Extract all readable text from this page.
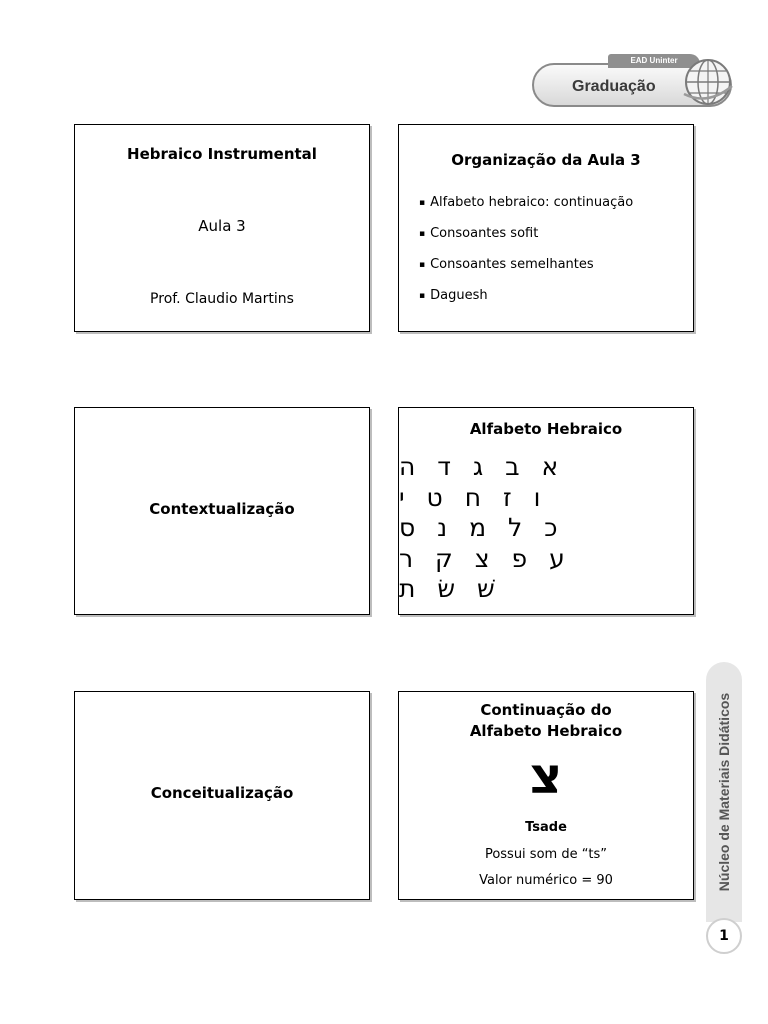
EAD Uninter
Graduação
Hebraico Instrumental
Aula 3
Prof. Claudio Martins
Organização da Aula 3
▪ Alfabeto hebraico: continuação
▪ Consoantes sofit
▪ Consoantes semelhantes
▪ Daguesh
Contextualização
Alfabeto Hebraico
א ב ג ד ה
ו ז ח ט י
כ ל מ נ ס
ע פ צ ק ר
שׁ שׂ ת
Conceitualização
Continuação do
Alfabeto Hebraico
צ
Tsade
Possui som de “ts”
Valor numérico = 90	Núcleo de Materiais Didáticos
1
